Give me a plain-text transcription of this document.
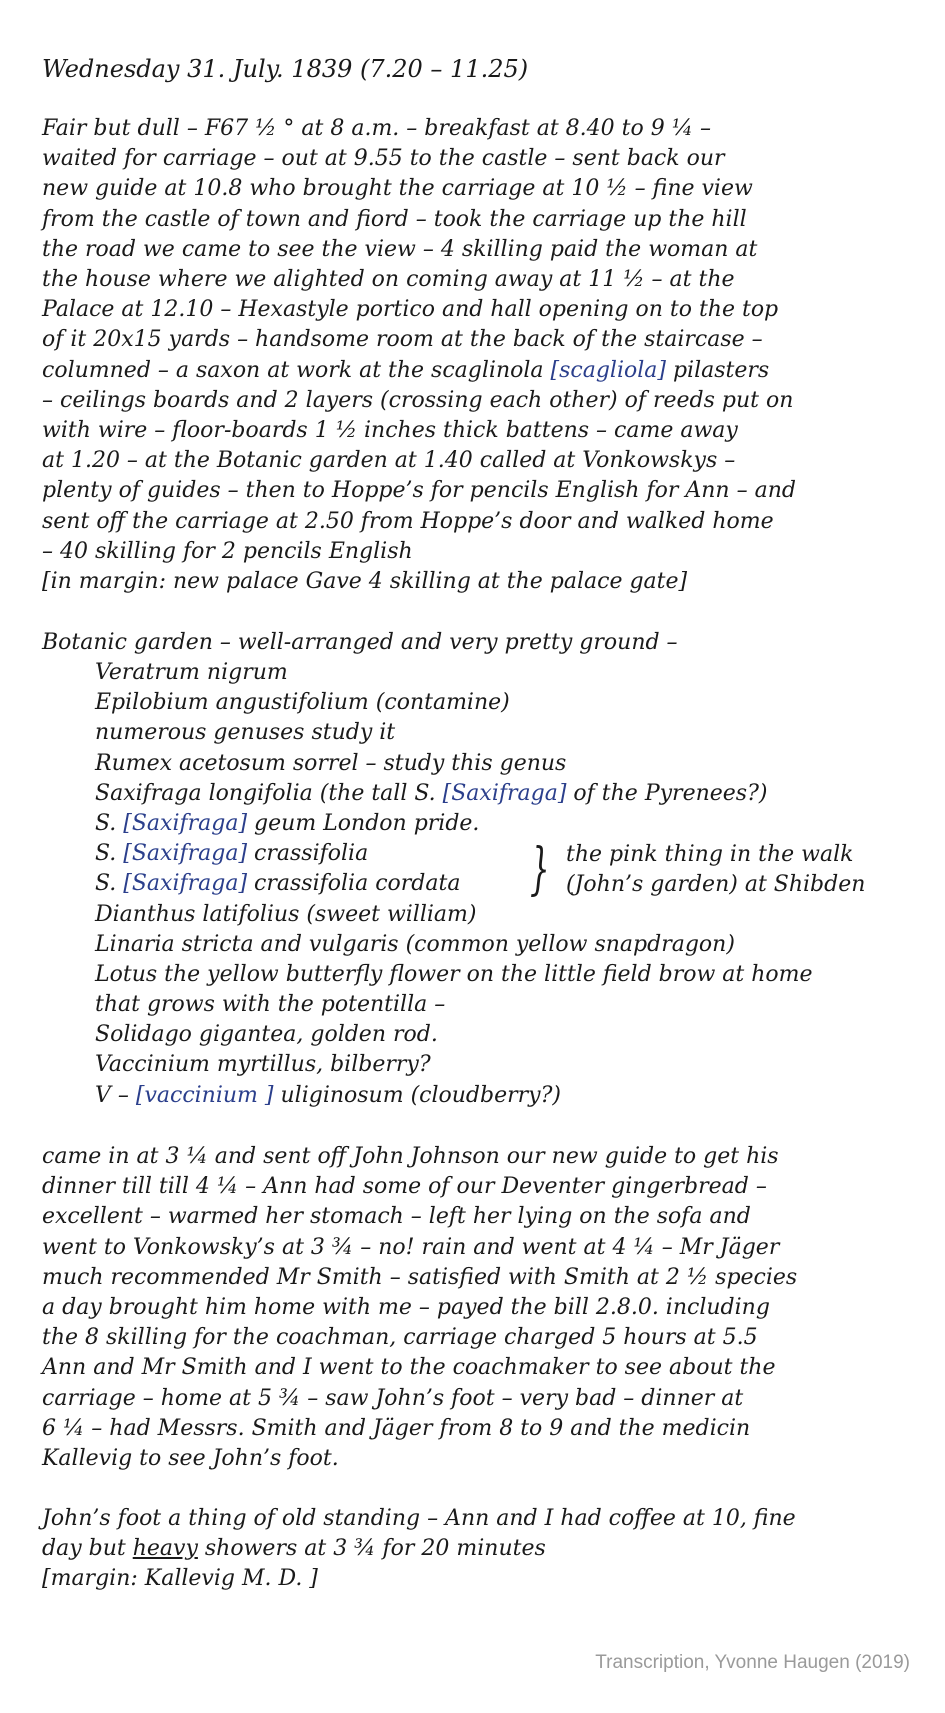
Wednesday 31. July. 1839 (7.20 – 11.25)
Fair but dull – F67 ½ ° at 8 a.m. – breakfast at 8.40 to 9 ¼ –
waited for carriage – out at 9.55 to the castle – sent back our
new guide at 10.8 who brought the carriage at 10 ½ – fine view
from the castle of town and fiord – took the carriage up the hill
the road we came to see the view – 4 skilling paid the woman at
the house where we alighted on coming away at 11 ½ – at the
Palace at 12.10 – Hexastyle portico and hall opening on to the top
of it 20x15 yards – handsome room at the back of the staircase –
columned – a saxon at work at the scaglinola [scagliola] pilasters
– ceilings boards and 2 layers (crossing each other) of reeds put on
with wire – floor-boards 1 ½ inches thick battens – came away
at 1.20 – at the Botanic garden at 1.40 called at Vonkowskys –
plenty of guides – then to Hoppe’s for pencils English for Ann – and
sent off the carriage at 2.50 from Hoppe’s door and walked home
– 40 skilling for 2 pencils English
[in margin: new palace Gave 4 skilling at the palace gate]
Botanic garden – well-arranged and very pretty ground –
Veratrum nigrum
Epilobium angustifolium (contamine)
numerous genuses study it
Rumex acetosum sorrel – study this genus
Saxifraga longifolia (the tall S. [Saxifraga] of the Pyrenees?)
S. [Saxifraga] geum London pride.
S. [Saxifraga] crassifolia
S. [Saxifraga] crassifolia cordata
Dianthus latifolius (sweet william)
Linaria stricta and vulgaris (common yellow snapdragon)
Lotus the yellow butterfly flower on the little field brow at home
that grows with the potentilla –
Solidago gigantea, golden rod.
Vaccinium myrtillus, bilberry?
V – [vaccinium ] uliginosum (cloudberry?)
} the pink thing in the walk
(John’s garden) at Shibden
came in at 3 ¼ and sent off John Johnson our new guide to get his
dinner till till 4 ¼ – Ann had some of our Deventer gingerbread –
excellent – warmed her stomach – left her lying on the sofa and
went to Vonkowsky’s at 3 ¾ – no! rain and went at 4 ¼ – Mr Jäger
much recommended Mr Smith – satisfied with Smith at 2 ½ species
a day brought him home with me – payed the bill 2.8.0. including
the 8 skilling for the coachman, carriage charged 5 hours at 5.5
Ann and Mr Smith and I went to the coachmaker to see about the
carriage – home at 5 ¾ – saw John’s foot – very bad – dinner at
6 ¼ – had Messrs. Smith and Jäger from 8 to 9 and the medicin
Kallevig to see John’s foot.
John’s foot a thing of old standing – Ann and I had coffee at 10, fine
day but heavy showers at 3 ¾ for 20 minutes
[margin: Kallevig M. D. ]
Transcription, Yvonne Haugen (2019)
